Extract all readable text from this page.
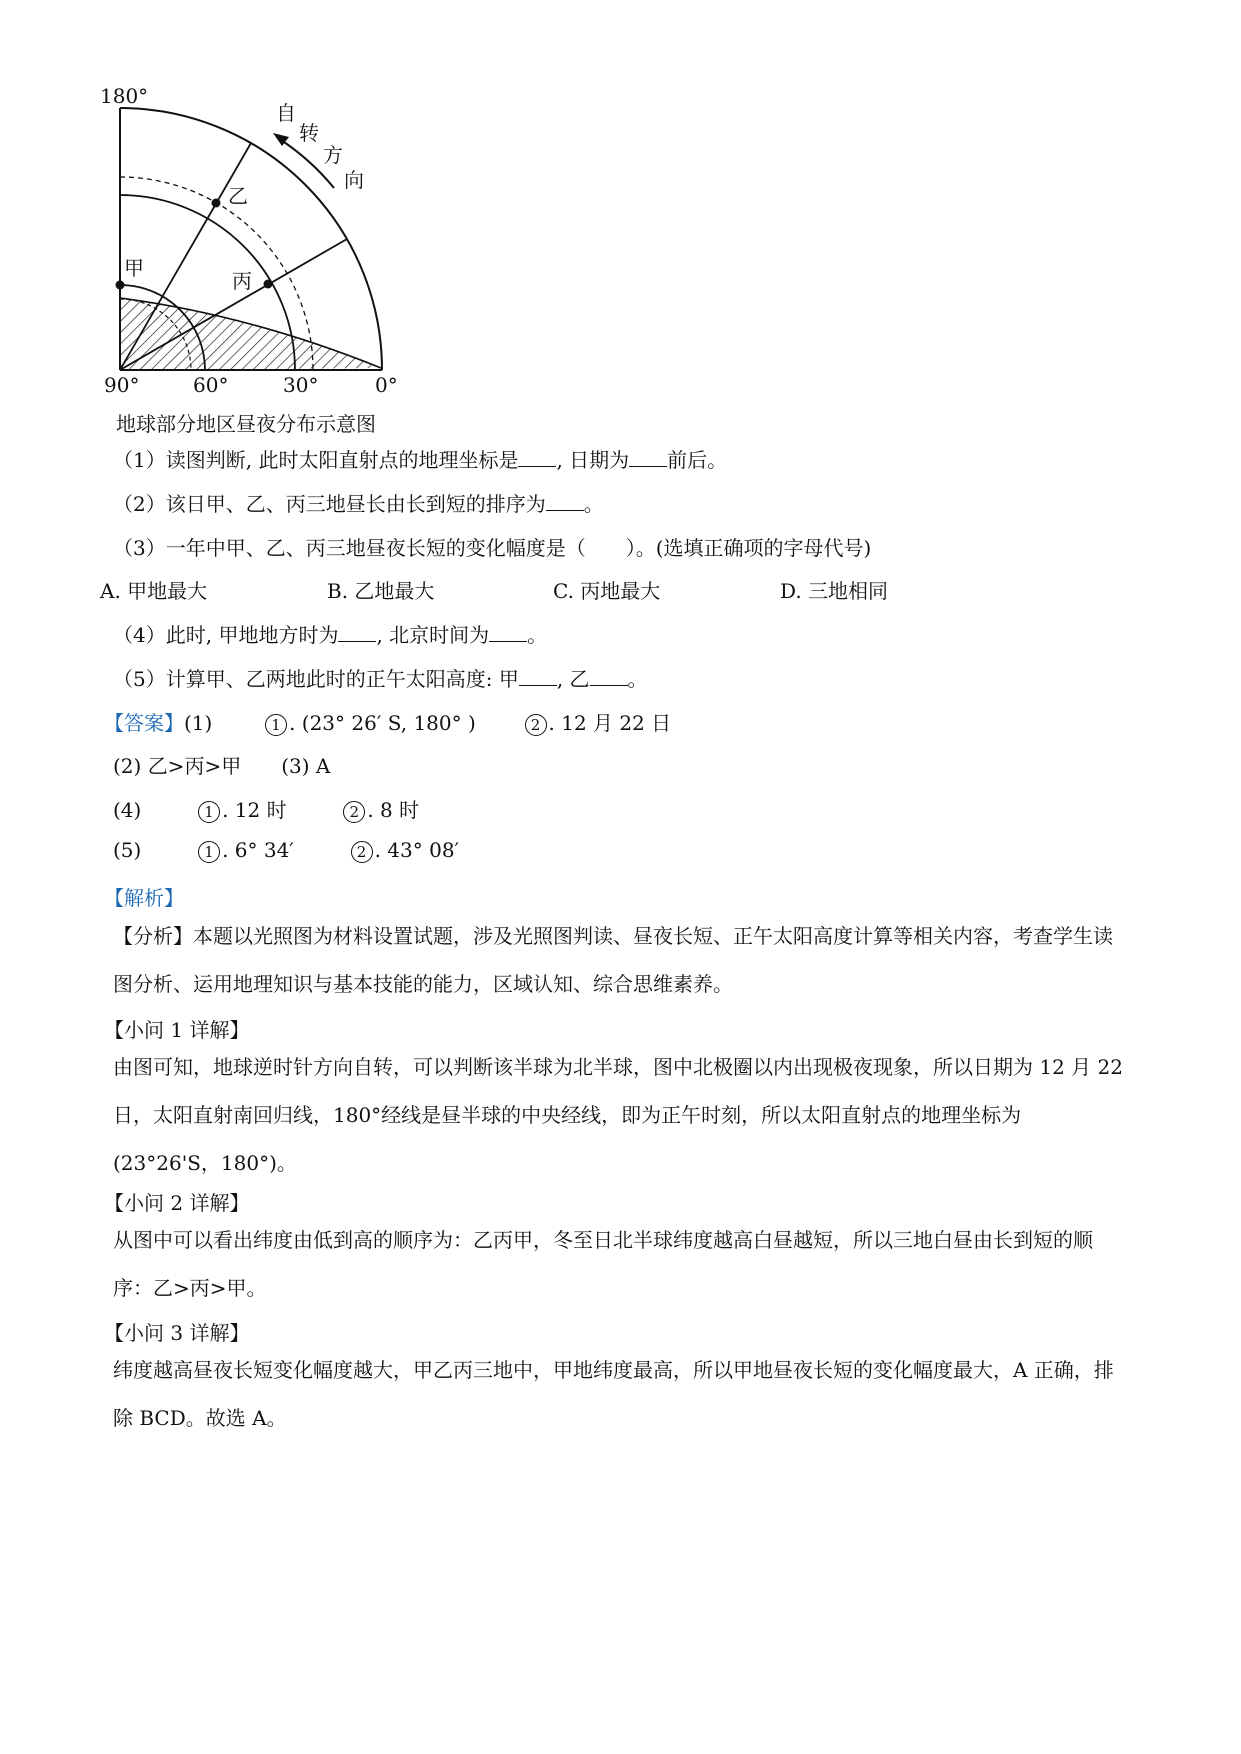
180°
90°	60°	30°	0°
自
转
方
向
甲
乙
丙
地球部分地区昼夜分布示意图
（1）读图判断, 此时太阳直射点的地理坐标是 , 日期为 前后。
（2）该日甲、乙、丙三地昼长由长到短的排序为 。
（3）一年中甲、乙、丙三地昼夜长短的变化幅度是（　　）。(选填正确项的字母代号)
A. 甲地最大	B. 乙地最大	C. 丙地最大	D. 三地相同
（4）此时, 甲地地方时为 , 北京时间为 。
（5）计算甲、乙两地此时的正午太阳高度: 甲 , 乙 。
【答案】(1)	1 . (23° 26′ S, 180° )	2 . 12 月 22 日
(2) 乙>丙>甲　　(3) A
(4)	1 . 12 时	2 . 8 时
(5)	1 . 6° 34′	2 . 43° 08′
【解析】
【分析】本题以光照图为材料设置试题，涉及光照图判读、昼夜长短、正午太阳高度计算等相关内容，考查学生读图分析、运用地理知识与基本技能的能力，区域认知、综合思维素养。
【小问 1 详解】
由图可知，地球逆时针方向自转，可以判断该半球为北半球，图中北极圈以内出现极夜现象，所以日期为 12 月 22 日，太阳直射南回归线，180°经线是昼半球的中央经线，即为正午时刻，所以太阳直射点的地理坐标为(23°26'S，180°)。
【小问 2 详解】
从图中可以看出纬度由低到高的顺序为：乙丙甲，冬至日北半球纬度越高白昼越短，所以三地白昼由长到短的顺序：乙>丙>甲。
【小问 3 详解】
纬度越高昼夜长短变化幅度越大，甲乙丙三地中，甲地纬度最高，所以甲地昼夜长短的变化幅度最大，A 正确，排除 BCD。故选 A。
